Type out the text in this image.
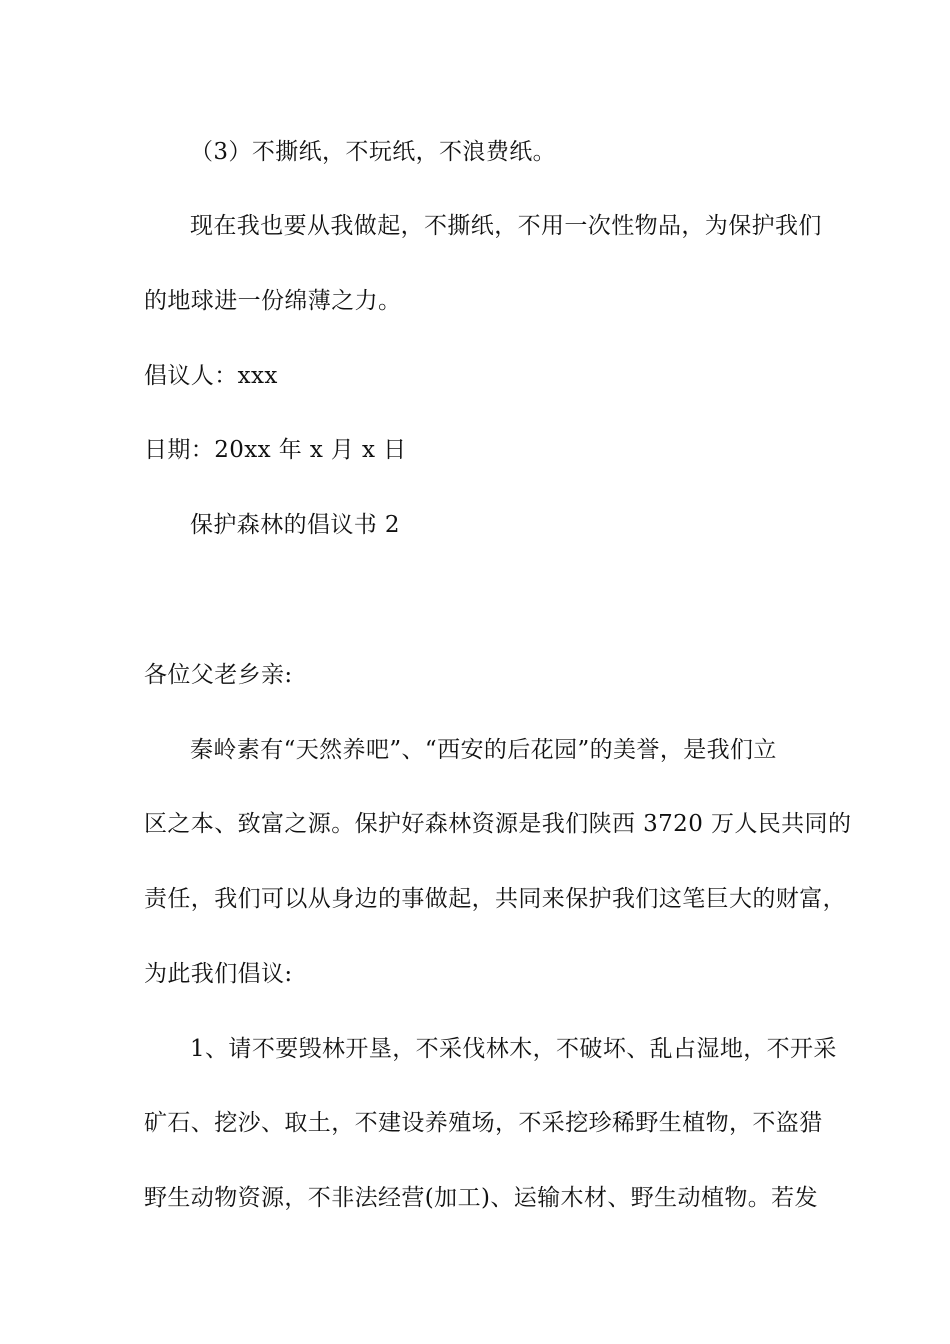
（3）不撕纸，不玩纸，不浪费纸。
现在我也要从我做起，不撕纸，不用一次性物品，为保护我们
的地球进一份绵薄之力。
倡议人：xxx
日期：20xx 年 x 月 x 日
保护森林的倡议书 2
各位父老乡亲:
秦岭素有“天然养吧”、“西安的后花园”的美誉，是我们立
区之本、致富之源。保护好森林资源是我们陕西 3720 万人民共同的
责任，我们可以从身边的事做起，共同来保护我们这笔巨大的财富，
为此我们倡议:
1、请不要毁林开垦，不采伐林木，不破坏、乱占湿地，不开采
矿石、挖沙、取土，不建设养殖场，不采挖珍稀野生植物，不盗猎
野生动物资源，不非法经营(加工)、运输木材、野生动植物。若发
